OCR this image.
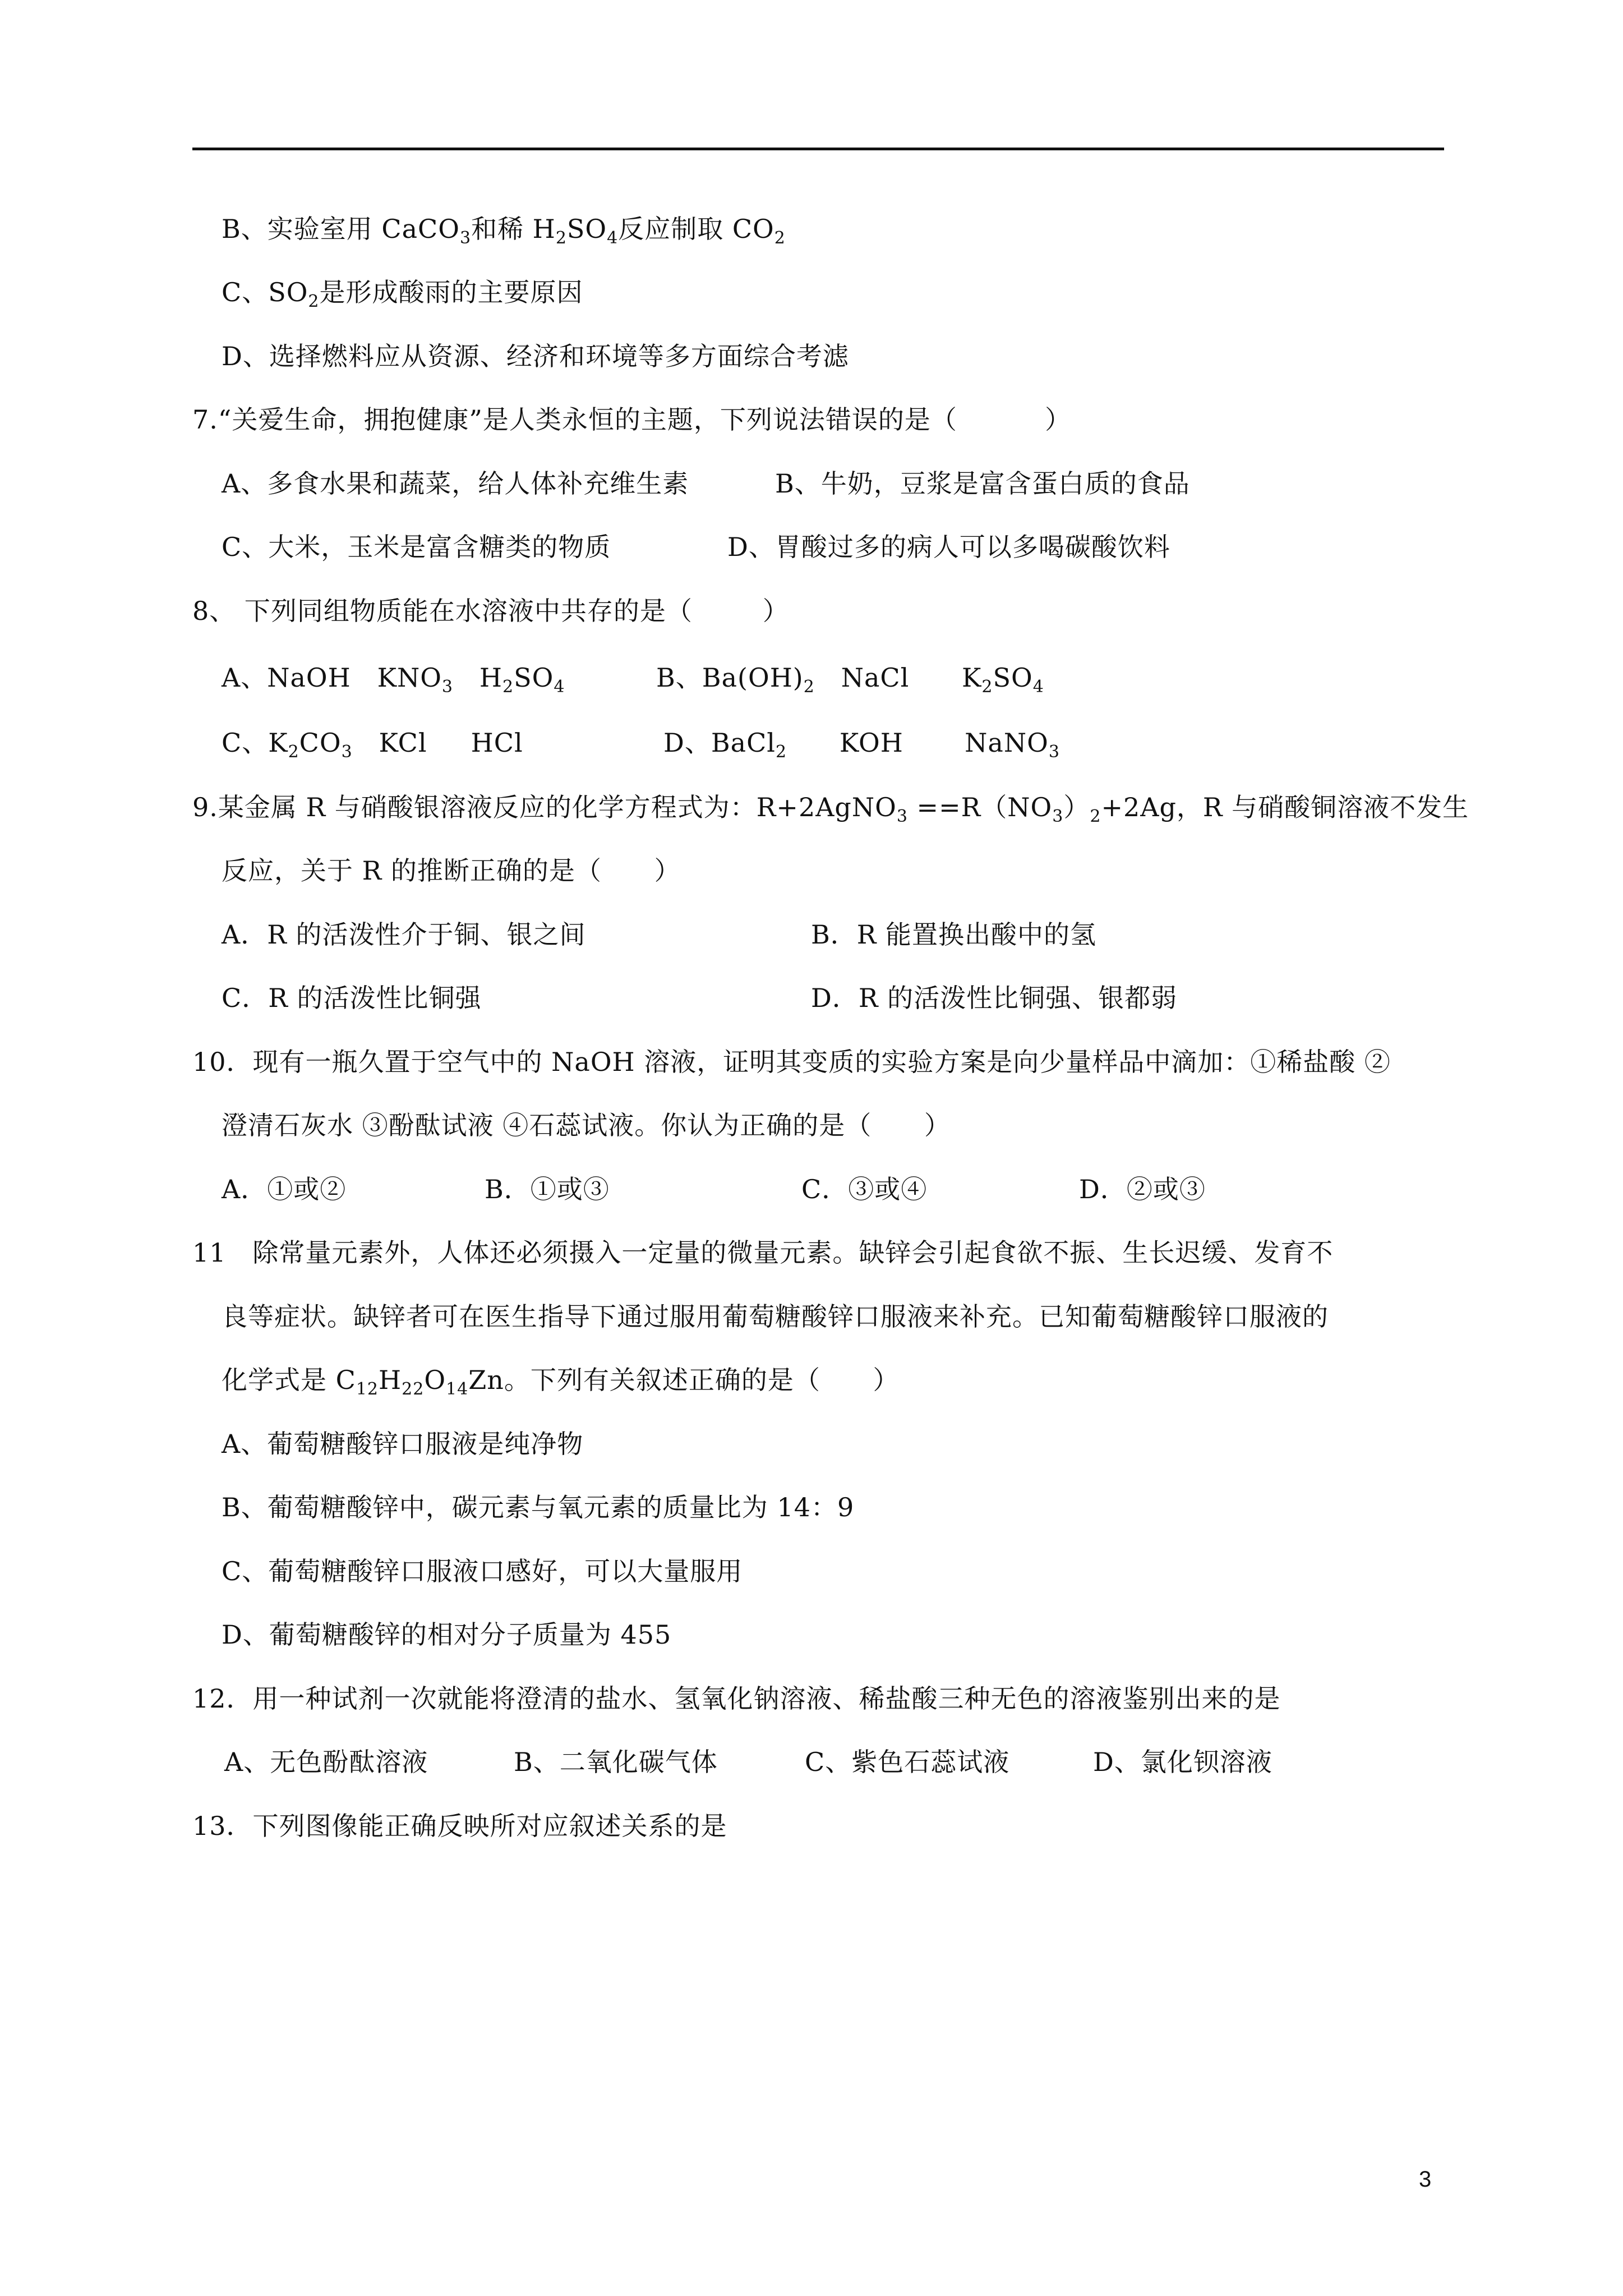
B、实验室用 CaCO$_3$和稀 $H_2SO_4$反应制取 $CO_2$
C、$SO_2$是形成酸雨的主要原因
D、选择燃料应从资源、经济和环境等多方面综合考滤
7.“关爱生命，拥抱健康”是人类永恒的主题，下列说法错误的是（          ）
A、多食水果和蔬菜，给人体补充维生素	B、牛奶，豆浆是富含蛋白质的食品
C、大米，玉米是富含糖类的物质	D、胃酸过多的病人可以多喝碳酸饮料
8、 下列同组物质能在水溶液中共存的是（        ）
A、NaOH   $KNO_3$   $H_2SO_4$	B、$Ba(OH)_2$   NaCl      $K_2SO_4$
C、$K_2CO_3$   KCl     HCl	D、BaCl$_2$      KOH       NaNO$_3$
9.某金属 R 与硝酸银溶液反应的化学方程式为：R+2AgNO$_3$ $==R(NO_3)_2+2Ag$，R 与硝酸铜溶液不发生
反应，关于 R 的推断正确的是（      ）
A．R 的活泼性介于铜、银之间	B．R 能置换出酸中的氢
C．R 的活泼性比铜强	D．R 的活泼性比铜强、银都弱
10．现有一瓶久置于空气中的 NaOH 溶液，证明其变质的实验方案是向少量样品中滴加：①稀盐酸 ②
澄清石灰水 ③酚酞试液 ④石蕊试液。你认为正确的是（      ）
A．①或②	B．①或③	C．③或④	D．②或③
11   除常量元素外，人体还必须摄入一定量的微量元素。缺锌会引起食欲不振、生长迟缓、发育不
良等症状。缺锌者可在医生指导下通过服用葡萄糖酸锌口服液来补充。已知葡萄糖酸锌口服液的
化学式是 $C_{12}H_{22}O_{14}Zn$。下列有关叙述正确的是（      ）
A、葡萄糖酸锌口服液是纯净物
B、葡萄糖酸锌中，碳元素与氧元素的质量比为 14：9
C、葡萄糖酸锌口服液口感好，可以大量服用
D、葡萄糖酸锌的相对分子质量为 455
12．用一种试剂一次就能将澄清的盐水、氢氧化钠溶液、稀盐酸三种无色的溶液鉴别出来的是
A、无色酚酞溶液	B、二氧化碳气体	C、紫色石蕊试液	D、氯化钡溶液
13．下列图像能正确反映所对应叙述关系的是
3
